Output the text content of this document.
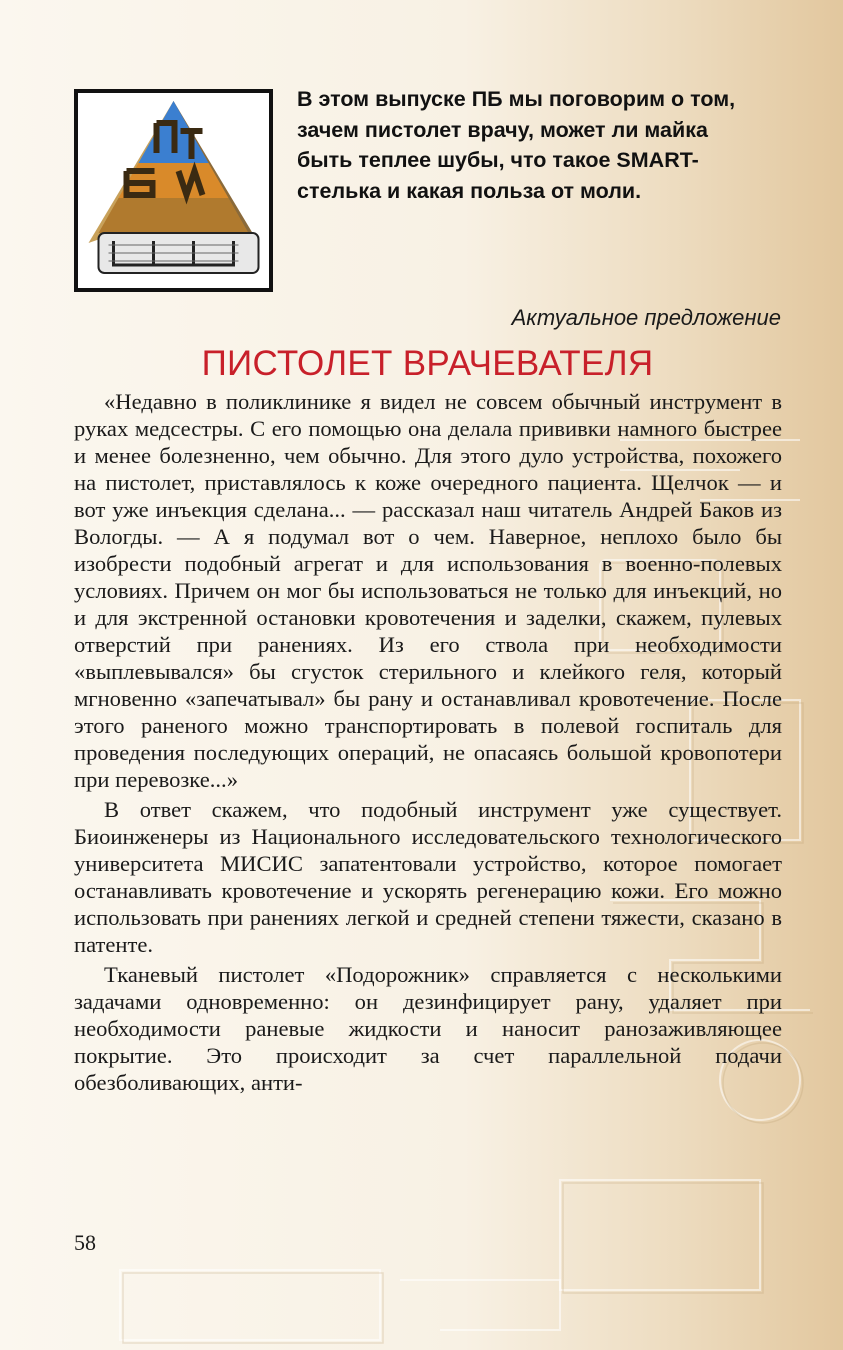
В этом выпуске ПБ мы поговорим о том, зачем пистолет врачу, может ли майка быть теплее шубы, что такое SMART-стелька и какая польза от моли.

Актуальное предложение

ПИСТОЛЕТ ВРАЧЕВАТЕЛЯ

«Недавно в поликлинике я видел не совсем обычный инструмент в руках медсестры. С его помощью она делала прививки намного быстрее и менее болезненно, чем обычно. Для этого дуло устройства, похожего на пистолет, приставлялось к коже очередного пациента. Щелчок — и вот уже инъекция сделана... — рассказал наш читатель Андрей Баков из Вологды. — А я подумал вот о чем. Наверное, неплохо было бы изобрести подобный агрегат и для использования в военно-полевых условиях. Причем он мог бы использоваться не только для инъекций, но и для экстренной остановки кровотечения и заделки, скажем, пулевых отверстий при ранениях. Из его ствола при необходимости «выплевывался» бы сгусток стерильного и клейкого геля, который мгновенно «запечатывал» бы рану и останавливал кровотечение. После этого раненого можно транспортировать в полевой госпиталь для проведения последующих операций, не опасаясь большой кровопотери при перевозке...»

В ответ скажем, что подобный инструмент уже существует. Биоинженеры из Национального исследовательского технологического университета МИСИС запатентовали устройство, которое помогает останавливать кровотечение и ускорять регенерацию кожи. Его можно использовать при ранениях легкой и средней степени тяжести, сказано в патенте.

Тканевый пистолет «Подорожник» справляется с несколькими задачами одновременно: он дезинфицирует рану, удаляет при необходимости раневые жидкости и наносит ранозаживляющее покрытие. Это происходит за счет параллельной подачи обезболивающих, анти-

58
